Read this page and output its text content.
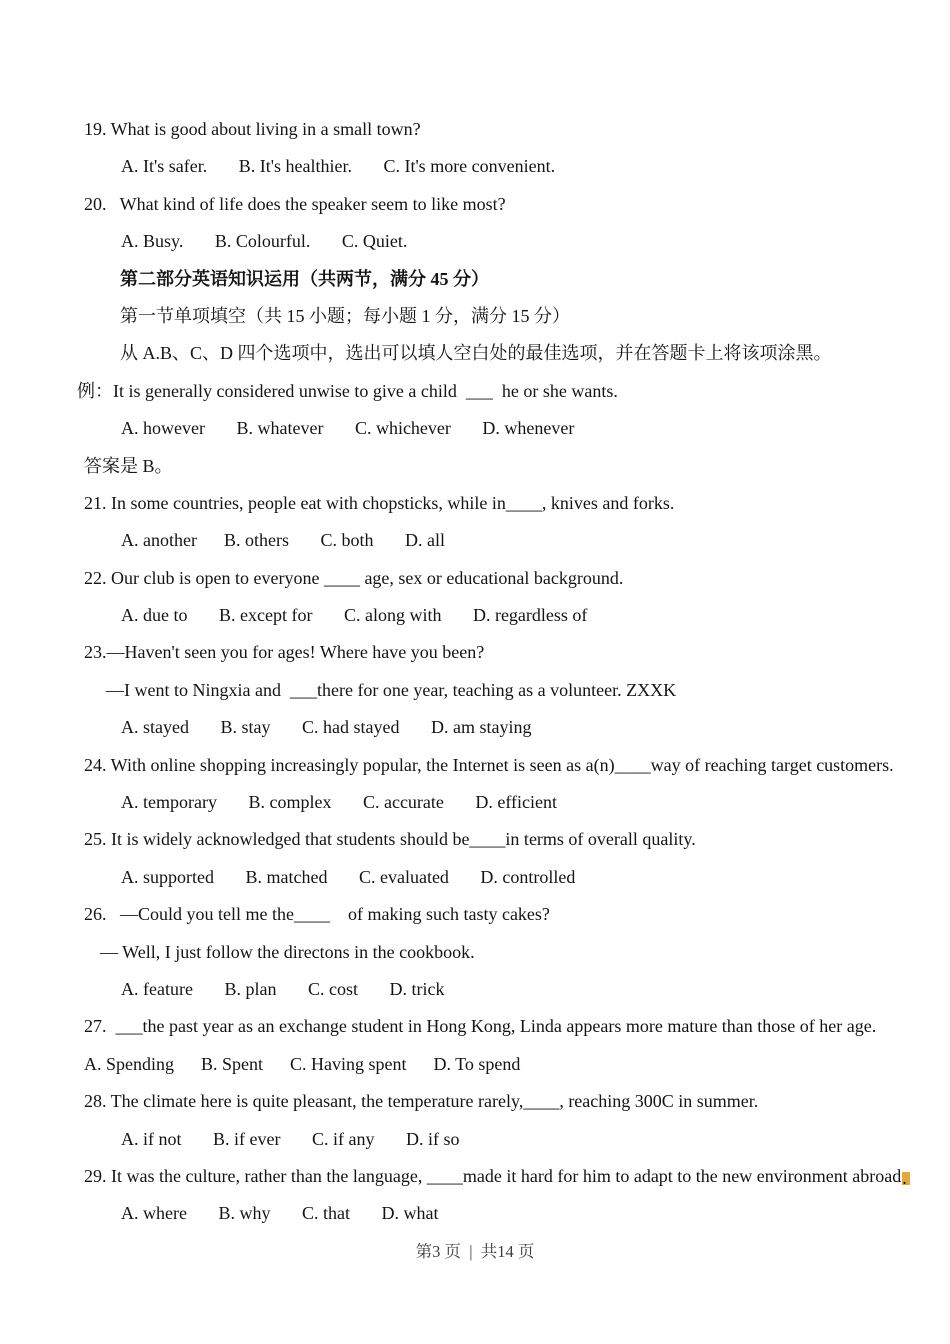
19. What is good about living in a small town?
A. It's safer.       B. It's healthier.       C. It's more convenient.
20.   What kind of life does the speaker seem to like most?
A. Busy.       B. Colourful.       C. Quiet.
第二部分英语知识运用（共两节，满分 45 分）
第一节单项填空（共 15 小题；每小题 1 分，满分 15 分）
从 A.B、C、D 四个选项中，选出可以填人空白处的最佳选项，并在答题卡上将该项涂黑。
例：It is generally considered unwise to give a child  ___  he or she wants.
A. however       B. whatever       C. whichever       D. whenever
答案是 B。
21. In some countries, people eat with chopsticks, while in____, knives and forks.
A. another      B. others       C. both       D. all
22. Our club is open to everyone ____ age, sex or educational background.
A. due to       B. except for       C. along with       D. regardless of
23.—Haven't seen you for ages! Where have you been?
—I went to Ningxia and  ___there for one year, teaching as a volunteer. ZXXK
A. stayed       B. stay       C. had stayed       D. am staying
24. With online shopping increasingly popular, the Internet is seen as a(n)____way of reaching target customers.
A. temporary       B. complex       C. accurate       D. efficient
25. It is widely acknowledged that students should be____in terms of overall quality.
A. supported       B. matched       C. evaluated       D. controlled
26.   —Could you tell me the____    of making such tasty cakes?
— Well, I just follow the directons in the cookbook.
A. feature       B. plan       C. cost       D. trick
27.  ___the past year as an exchange student in Hong Kong, Linda appears more mature than those of her age.
A. Spending      B. Spent      C. Having spent      D. To spend
28. The climate here is quite pleasant, the temperature rarely,____, reaching 300C in summer.
A. if not       B. if ever       C. if any       D. if so
29. It was the culture, rather than the language, ____made it hard for him to adapt to the new environment abroad.
A. where       B. why       C. that       D. what
第3 页  |  共14 页
